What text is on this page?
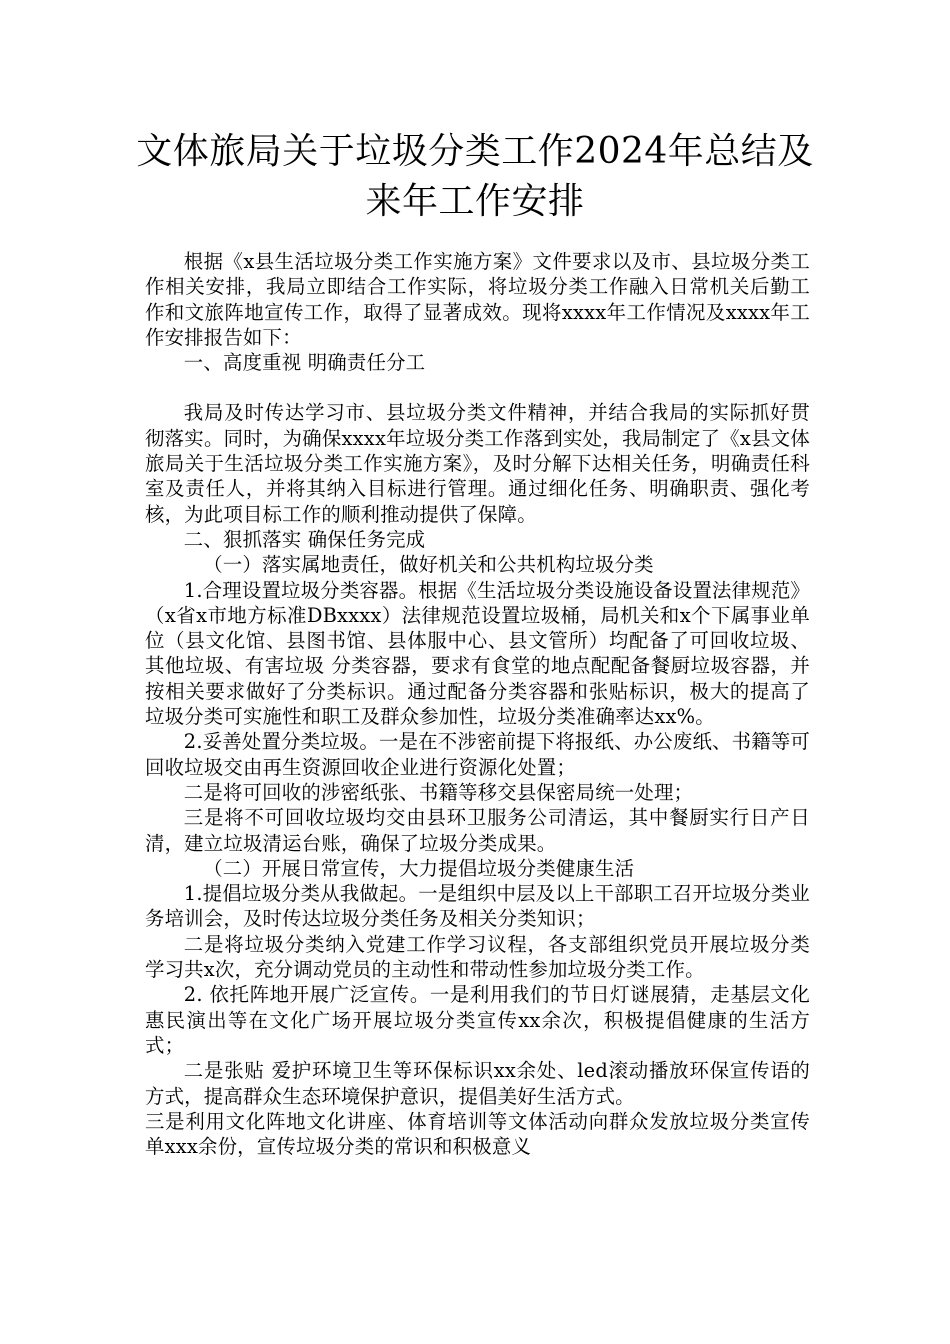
文体旅局关于垃圾分类工作2024年总结及
来年工作安排

根据《x县生活垃圾分类工作实施方案》文件要求以及市、县垃圾分类工作相关安排，我局立即结合工作实际，将垃圾分类工作融入日常机关后勤工作和文旅阵地宣传工作，取得了显著成效。现将xxxx年工作情况及xxxx年工作安排报告如下：

一、高度重视 明确责任分工

我局及时传达学习市、县垃圾分类文件精神，并结合我局的实际抓好贯彻落实。同时，为确保xxxx年垃圾分类工作落到实处，我局制定了《x县文体旅局关于生活垃圾分类工作实施方案》，及时分解下达相关任务，明确责任科室及责任人，并将其纳入目标进行管理。通过细化任务、明确职责、强化考核，为此项目标工作的顺利推动提供了保障。

二、狠抓落实 确保任务完成

（一）落实属地责任，做好机关和公共机构垃圾分类

1.合理设置垃圾分类容器。根据《生活垃圾分类设施设备设置法律规范》（x省x市地方标准DBxxxx）法律规范设置垃圾桶，局机关和x个下属事业单位（县文化馆、县图书馆、县体服中心、县文管所）均配备了可回收垃圾、其他垃圾、有害垃圾 分类容器，要求有食堂的地点配配备餐厨垃圾容器，并按相关要求做好了分类标识。通过配备分类容器和张贴标识，极大的提高了垃圾分类可实施性和职工及群众参加性，垃圾分类准确率达xx%。

2.妥善处置分类垃圾。一是在不涉密前提下将报纸、办公废纸、书籍等可回收垃圾交由再生资源回收企业进行资源化处置；

二是将可回收的涉密纸张、书籍等移交县保密局统一处理；

三是将不可回收垃圾均交由县环卫服务公司清运，其中餐厨实行日产日清，建立垃圾清运台账，确保了垃圾分类成果。

（二）开展日常宣传，大力提倡垃圾分类健康生活

1.提倡垃圾分类从我做起。一是组织中层及以上干部职工召开垃圾分类业务培训会，及时传达垃圾分类任务及相关分类知识；

二是将垃圾分类纳入党建工作学习议程，各支部组织党员开展垃圾分类学习共x次，充分调动党员的主动性和带动性参加垃圾分类工作。

2. 依托阵地开展广泛宣传。一是利用我们的节日灯谜展猜，走基层文化惠民演出等在文化广场开展垃圾分类宣传xx余次，积极提倡健康的生活方式；

二是张贴 爱护环境卫生等环保标识xx余处、led滚动播放环保宣传语的方式，提高群众生态环境保护意识，提倡美好生活方式。

三是利用文化阵地文化讲座、体育培训等文体活动向群众发放垃圾分类宣传单xxx余份，宣传垃圾分类的常识和积极意义
